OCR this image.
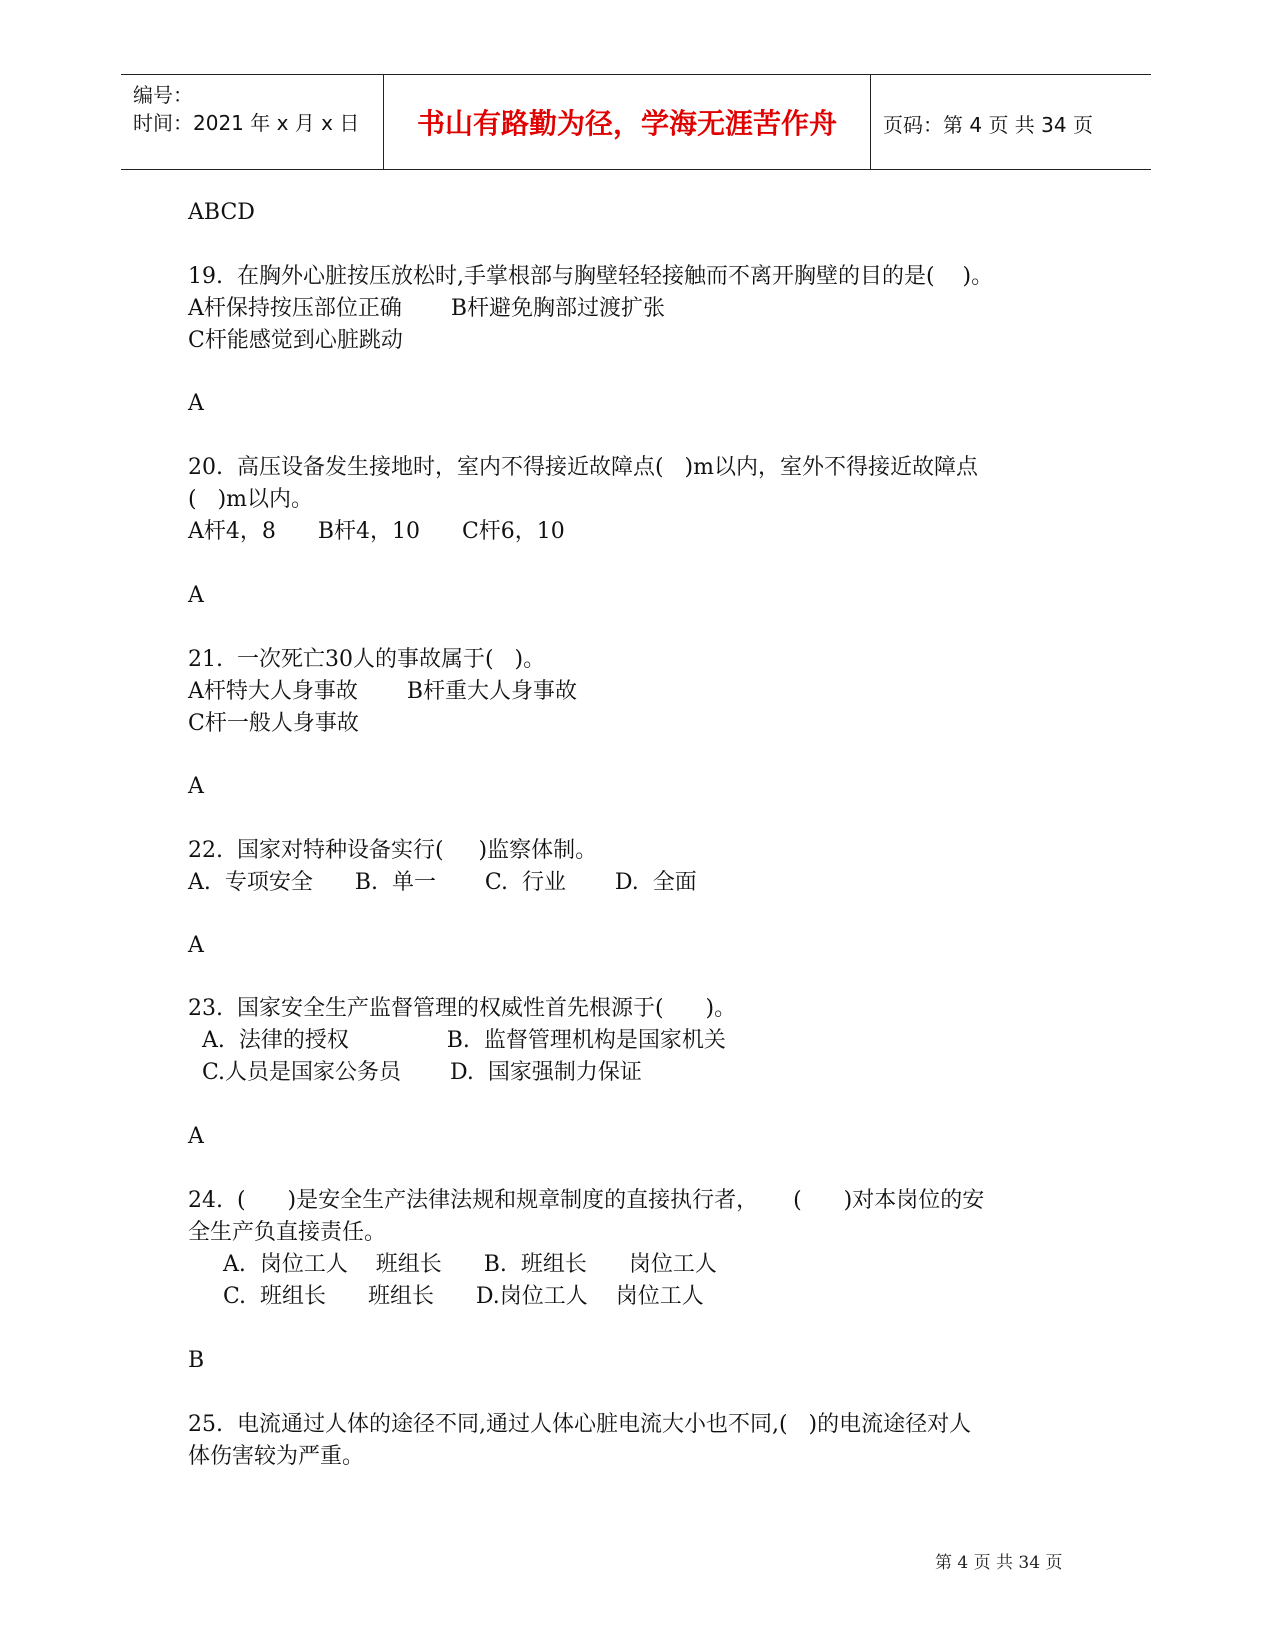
编号：
时间：2021 年 x 月 x 日	书山有路勤为径，学海无涯苦作舟	页码：第 4 页 共 34 页
ABCD
19.  在胸外心脏按压放松时,手掌根部与胸壁轻轻接触而不离开胸壁的目的是(    )。
A杆保持按压部位正确       B杆避免胸部过渡扩张
C杆能感觉到心脏跳动
A
20.  高压设备发生接地时，室内不得接近故障点(   )m以内，室外不得接近故障点
(   )m以内。
A杆4，8      B杆4，10      C杆6，10
A
21.  一次死亡30人的事故属于(   )。
A杆特大人身事故       B杆重大人身事故
C杆一般人身事故
A
22.  国家对特种设备实行(     )监察体制。
A.  专项安全      B.  单一       C.  行业       D.  全面
A
23.  国家安全生产监督管理的权威性首先根源于(      )。
A.  法律的授权              B.  监督管理机构是国家机关
C.人员是国家公务员       D.  国家强制力保证
A
24.  (      )是安全生产法律法规和规章制度的直接执行者，     (      )对本岗位的安
全生产负直接责任。
A.  岗位工人    班组长      B.  班组长      岗位工人
C.  班组长      班组长      D.岗位工人    岗位工人
B
25.  电流通过人体的途径不同,通过人体心脏电流大小也不同,(   )的电流途径对人
体伤害较为严重。
第 4 页 共 34 页
